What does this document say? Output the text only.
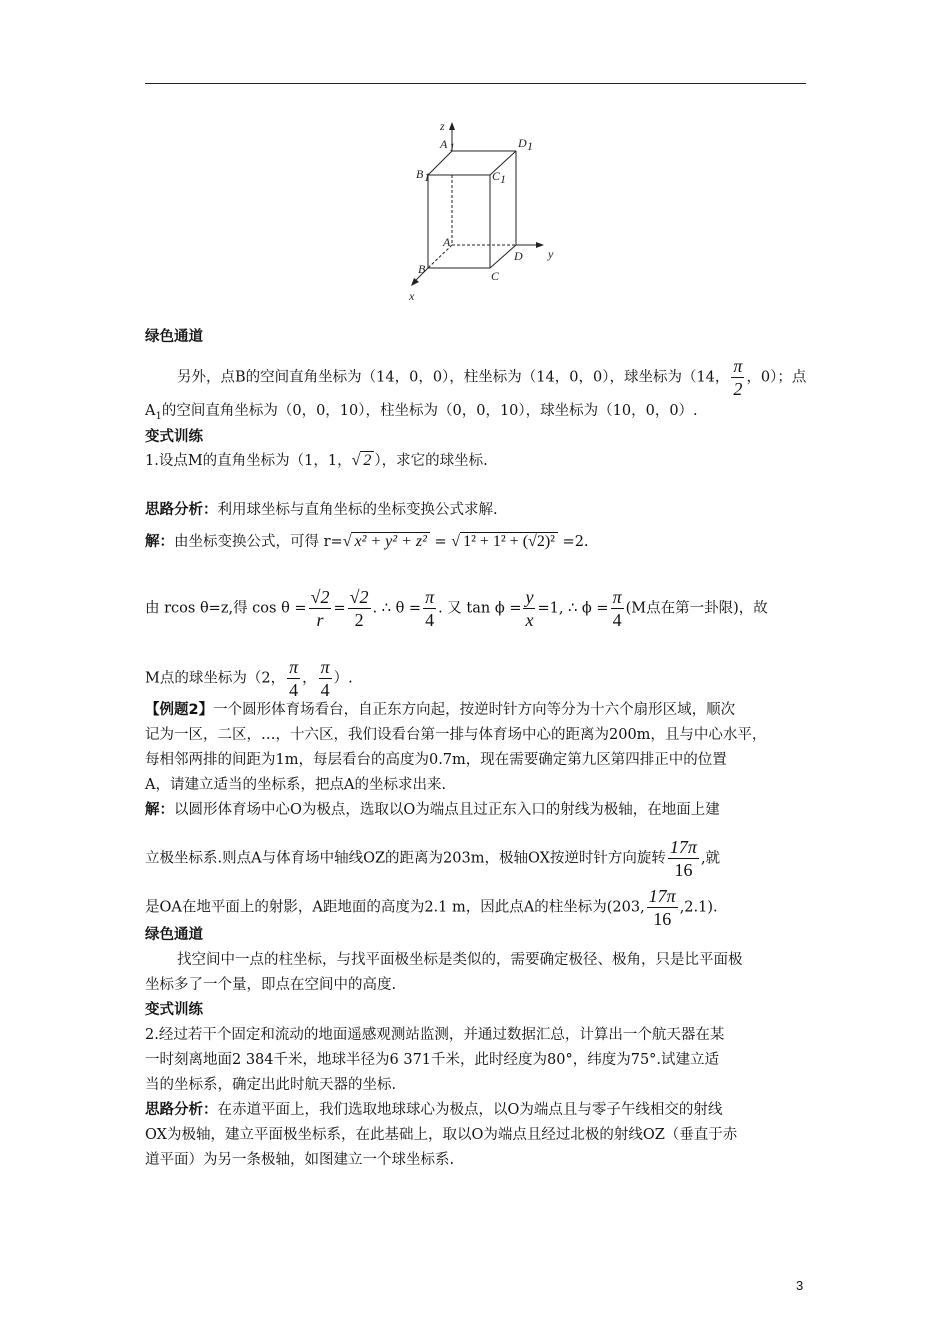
z
y
x
A 1	D 1
B 1	C 1
A
D
B	C
绿色通道
另外，点B的空间直角坐标为（14，0，0），柱坐标为（14，0，0），球坐标为（14， $\frac{\pi}{2}$ ，0）；点
$A_1$的空间直角坐标为（0，0，10），柱坐标为（0，0，10），球坐标为（10，0，0）.
变式训练
1.设点M的直角坐标为（1，1，√ 2 ），求它的球坐标.
思路分析：利用球坐标与直角坐标的坐标变换公式求解.
解：由坐标变换公式，可得 r=√ x² + y² + z² = √ 1² + 1² + (√2)² =2.
由 rcos θ=z,得 $\cos \theta = \frac{√2}{r} = \frac{√2}{2}$ . ∴ $\theta = \frac{\pi}{4}$ . 又 $\tan \phi = \frac{y}{x} =1$, ∴ $\phi = \frac{\pi}{4} (M$点在第一卦限)，故
M点的球坐标为（2， $\frac{\pi}{4}$ ， $\frac{\pi}{4}$ ）.
【例题2】一个圆形体育场看台，自正东方向起，按逆时针方向等分为十六个扇形区域，顺次
记为一区，二区，…，十六区，我们设看台第一排与体育场中心的距离为200m，且与中心水平，
每相邻两排的间距为1m，每层看台的高度为0.7m，现在需要确定第九区第四排正中的位置
A，请建立适当的坐标系，把点A的坐标求出来.
解：以圆形体育场中心O为极点，选取以O为端点且过正东入口的射线为极轴，在地面上建
立极坐标系.则点A与体育场中轴线OZ的距离为203m，极轴OX按逆时针方向旋转 $\frac{17\pi}{16}$ ,就
是OA在地平面上的射影，A距地面的高度为2.1 m，因此点A的柱坐标为(203, $\frac{17\pi}{16} ,2.1$).
绿色通道
找空间中一点的柱坐标，与找平面极坐标是类似的，需要确定极径、极角，只是比平面极
坐标多了一个量，即点在空间中的高度.
变式训练
2.经过若干个固定和流动的地面遥感观测站监测，并通过数据汇总，计算出一个航天器在某
一时刻离地面2 384千米，地球半径为6 371千米，此时经度为80°，纬度为75°.试建立适
当的坐标系，确定出此时航天器的坐标.
思路分析：在赤道平面上，我们选取地球球心为极点，以O为端点且与零子午线相交的射线
OX为极轴，建立平面极坐标系，在此基础上，取以O为端点且经过北极的射线OZ（垂直于赤
道平面）为另一条极轴，如图建立一个球坐标系.
3
